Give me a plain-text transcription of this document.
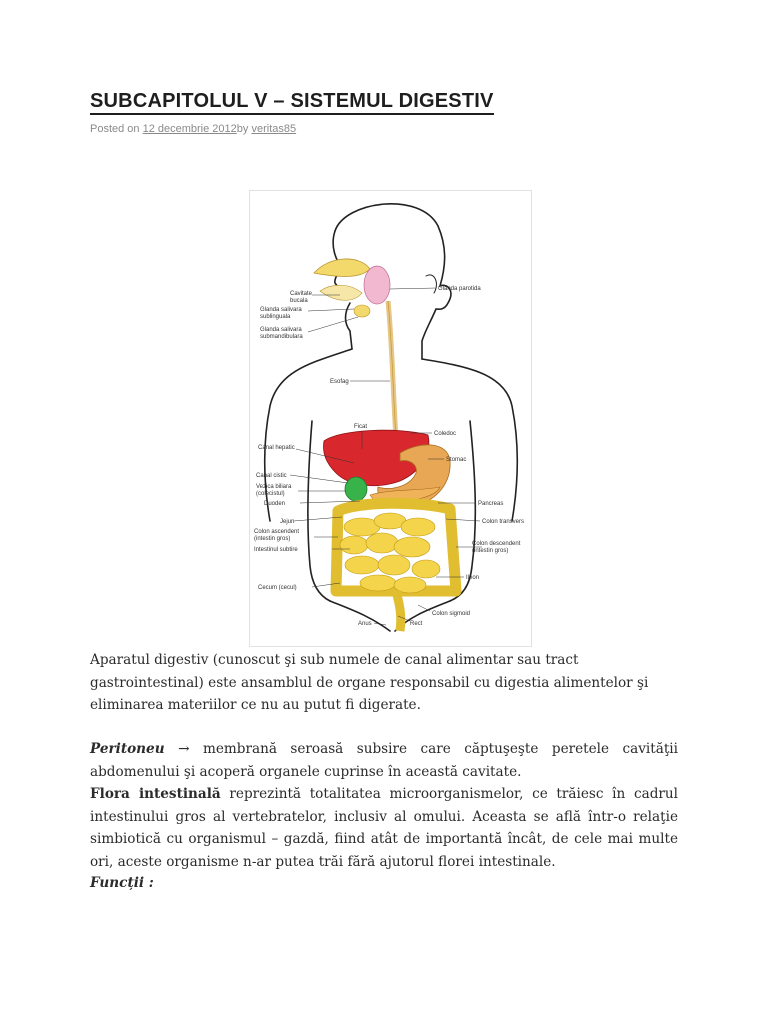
SUBCAPITOLUL V – SISTEMUL DIGESTIV
Posted on 12 decembrie 2012by veritas85
Cavitate bucala
Glanda salivara sublinguala
Glanda salivara submandibulara
Glanda parotida
Esofag
Ficat
Canal hepatic
Coledoc
Stomac
Canal cistic
Vezica biliara (colecistul)
Duoden	Pancreas
Jejun	Colon transvers
Colon ascendent (intestin gros)
Intestinul subtire
Colon descendent (intestin gros)
Ileon
Cecum (cecul)
Colon sigmoid
Rect
Anus

Aparatul digestiv (cunoscut şi sub numele de canal alimentar sau tract gastrointestinal) este ansamblul de organe responsabil cu digestia alimentelor şi eliminarea materiilor ce nu au putut fi digerate.

Peritoneu → membrană seroasă subsire care căptuşeşte peretele cavităţii abdomenului şi acoperă organele cuprinse în această cavitate.

Flora intestinală reprezintă totalitatea microorganismelor, ce trăiesc în cadrul intestinului gros al vertebratelor, inclusiv al omului. Aceasta se află într-o relaţie simbiotică cu organismul – gazdă, fiind atât de importantă încât, de cele mai multe ori, aceste organisme n-ar putea trăi fără ajutorul florei intestinale.

Funcții :
